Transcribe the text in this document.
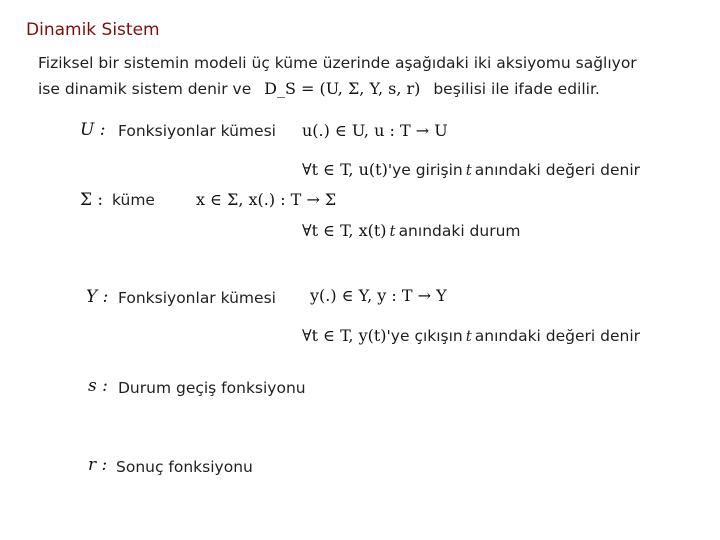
Dinamik Sistem
Fiziksel bir sistemin modeli üç küme üzerinde aşağıdaki iki aksiyomu sağlıyor
ise dinamik sistem denir ve D_S = (U, Σ, Y, s, r) beşilisi ile ifade edilir.
U : Fonksiyonlar kümesi u(.) ∈ U, u : T → U
∀t ∈ T, u(t)'ye girişin t anındaki değeri denir
Σ : küme	x ∈ Σ, x(.) : T → Σ
∀t ∈ T, x(t) t anındaki durum
Y : Fonksiyonlar kümesi y(.) ∈ Y, y : T → Y
∀t ∈ T, y(t)'ye çıkışın t anındaki değeri denir
s : Durum geçiş fonksiyonu
r : Sonuç fonksiyonu
